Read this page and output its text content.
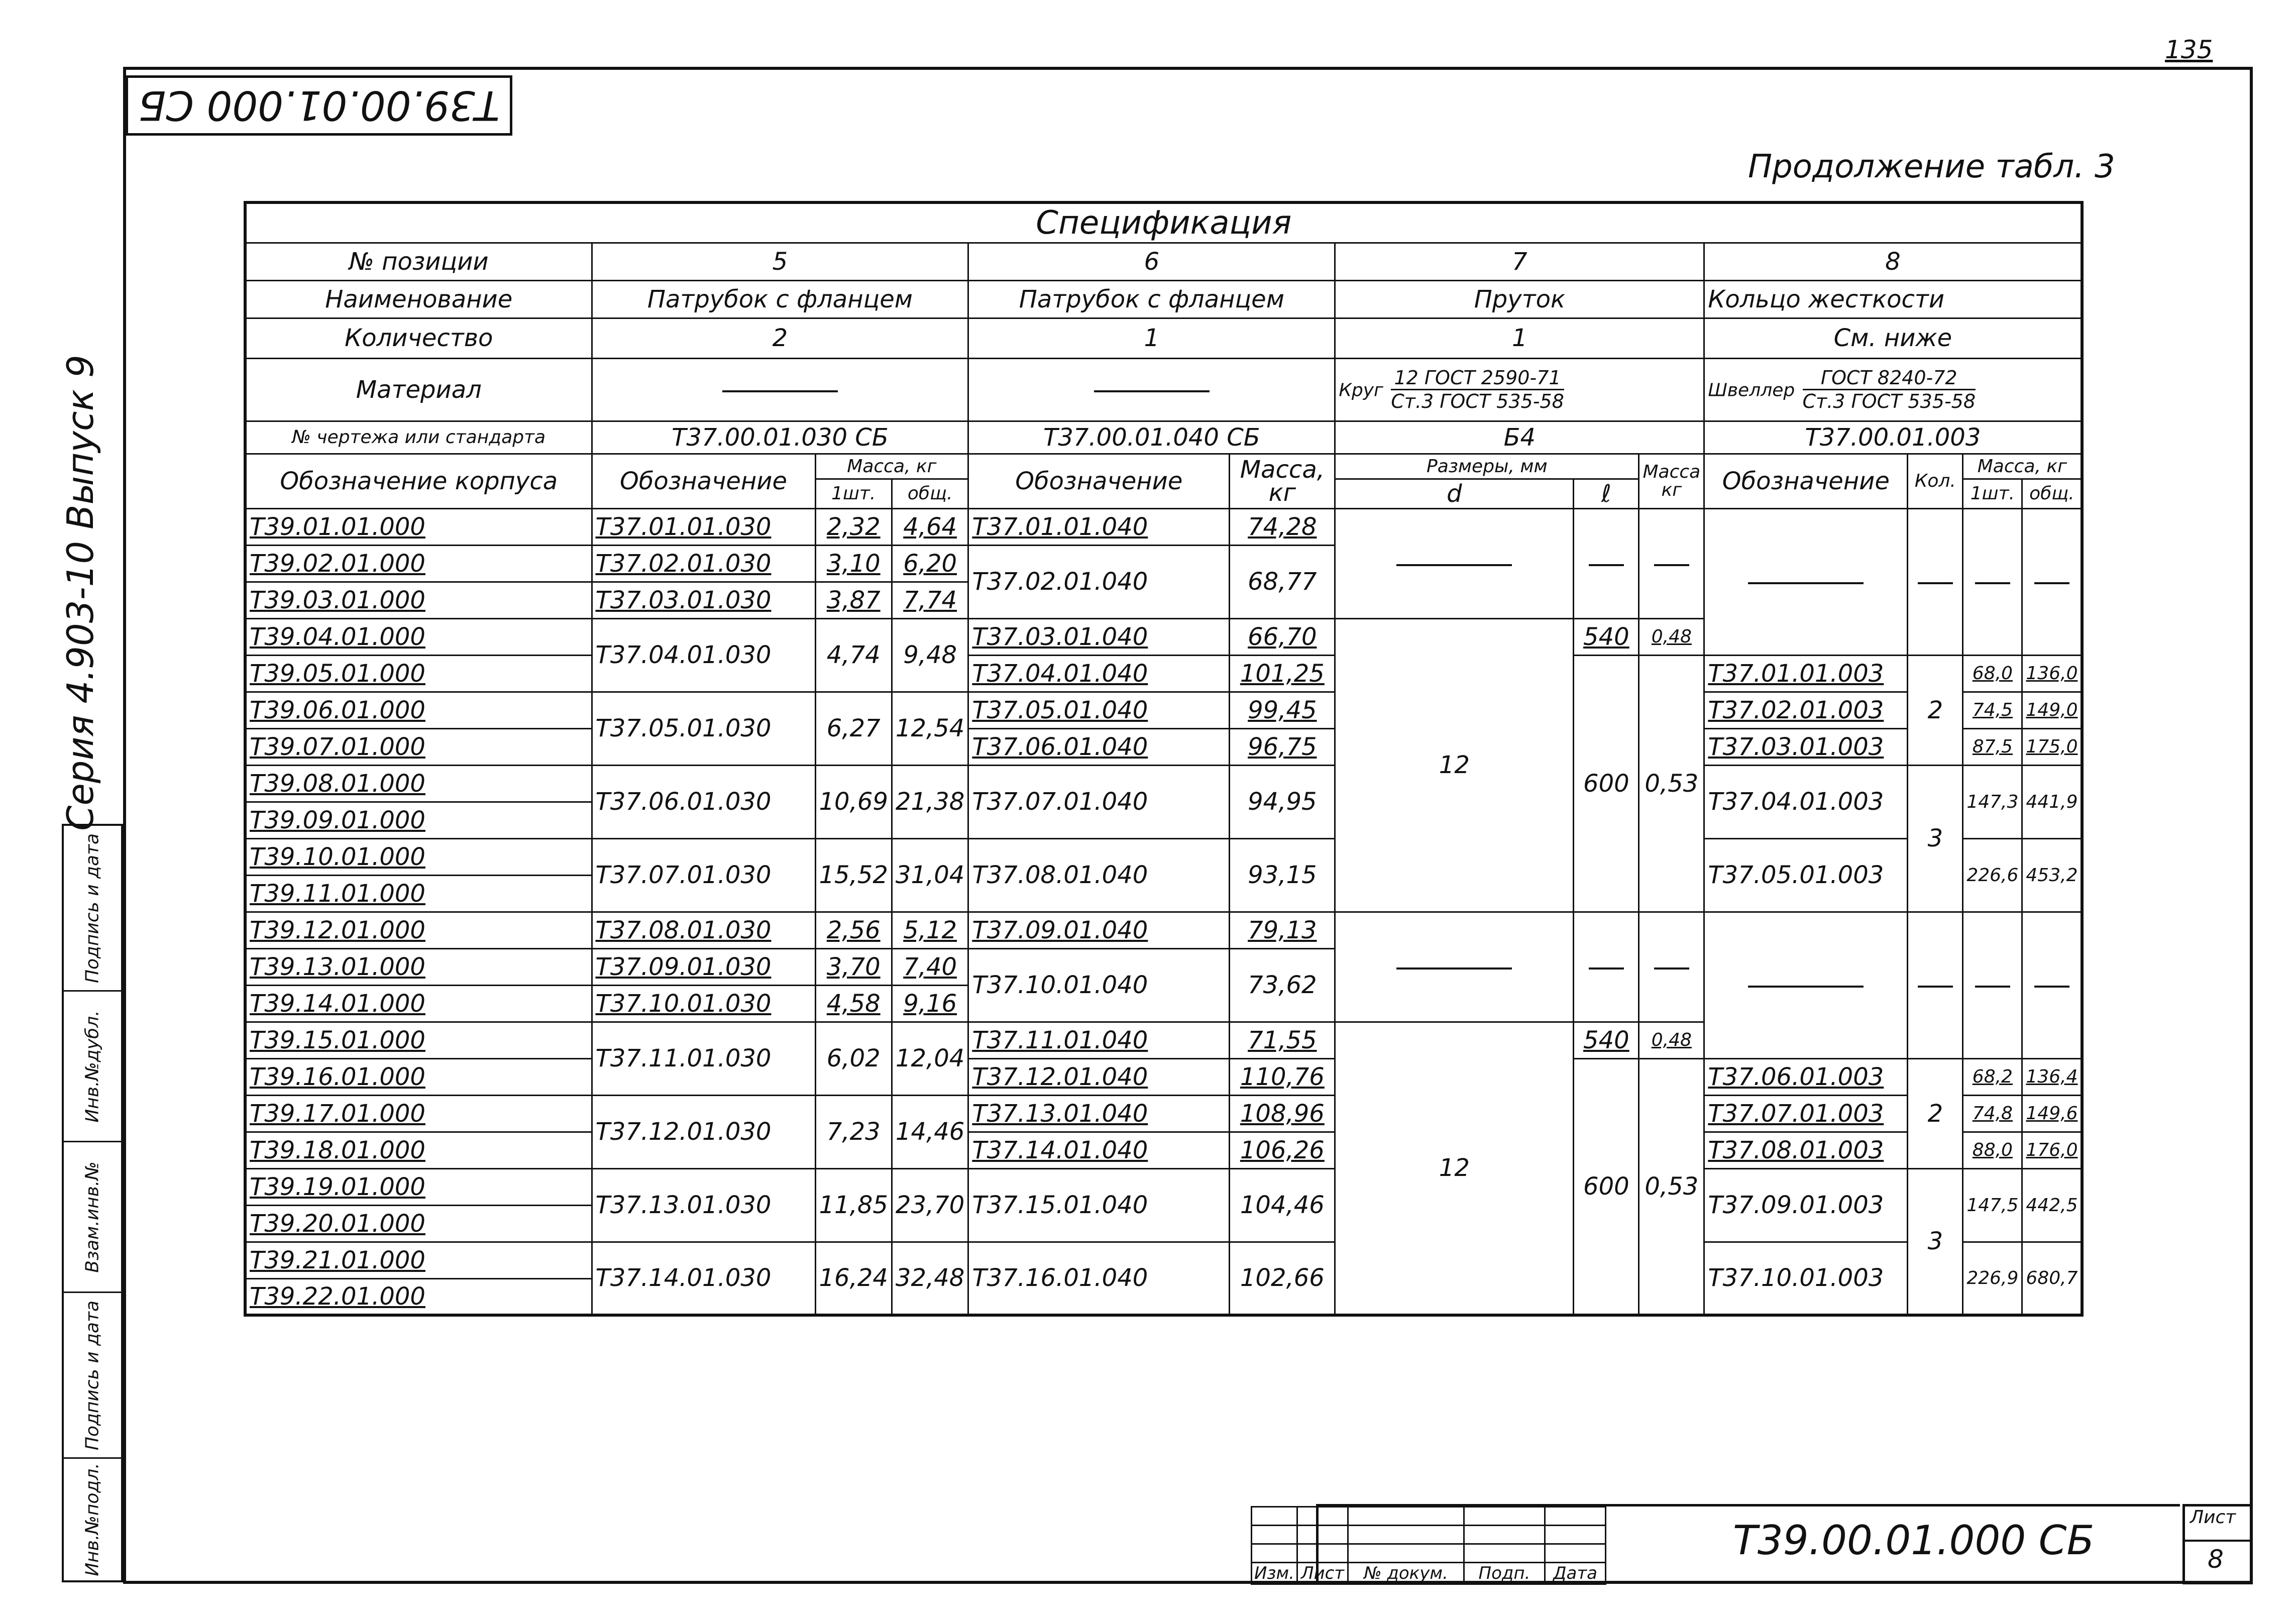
Т39.00.01.000 СБ
135
Продолжение табл. 3
Серия 4.903-10 Выпуск 9
Подпись и дата
Инв.№дубл.
Взам.инв.№
Подпись и дата
Инв.№подл.
Спецификация												
№ позиции	5			6		7			8			
Наименование	Патрубок с фланцем			Патрубок с фланцем		Пруток			Кольцо жесткости			
Количество	2			1		1			См. ниже			
Материал						Круг $\frac{\text{12 ГОСТ 2590-71}}{\text{Ст.3 ГОСТ 535-58}}$			Швеллер $\frac{\text{ГОСТ 8240-72}}{\text{Ст.3 ГОСТ 535-58}}$

№ чертежа или стандарта	Т37.00.01.030 СБ			Т37.00.01.040 СБ		Б4			Т37.00.01.003			
Обозначение корпуса	Обозначение	Масса, кг		Обозначение	Масса, кг	Размеры, мм		Масса кг	Обозначение	Кол.	Масса, кг	
		1шт.	общ.			d	ℓ				1шт.	общ.
Т39.01.01.000	Т37.01.01.030	2,32	4,64	Т37.01.01.040	74,28							
Т39.02.01.000	Т37.02.01.030	3,10	6,20	Т37.02.01.040	68,77							
Т39.03.01.000	Т37.03.01.030	3,87	7,74									
Т39.04.01.000	Т37.04.01.030	4,74	9,48	Т37.03.01.040	66,70	12	540	0,48				
Т39.05.01.000				Т37.04.01.040	101,25		600	0,53	Т37.01.01.003	2	68,0	136,0
Т39.06.01.000	Т37.05.01.030	6,27	12,54	Т37.05.01.040	99,45				Т37.02.01.003		74,5	149,0
Т39.07.01.000				Т37.06.01.040	96,75				Т37.03.01.003		87,5	175,0
Т39.08.01.000	Т37.06.01.030	10,69	21,38	Т37.07.01.040	94,95				Т37.04.01.003	3	147,3	441,9
Т39.09.01.000												
Т39.10.01.000	Т37.07.01.030	15,52	31,04	Т37.08.01.040	93,15				Т37.05.01.003		226,6	453,2
Т39.11.01.000												
Т39.12.01.000	Т37.08.01.030	2,56	5,12	Т37.09.01.040	79,13							
Т39.13.01.000	Т37.09.01.030	3,70	7,40	Т37.10.01.040	73,62							
Т39.14.01.000	Т37.10.01.030	4,58	9,16									
Т39.15.01.000	Т37.11.01.030	6,02	12,04	Т37.11.01.040	71,55	12	540	0,48				
Т39.16.01.000				Т37.12.01.040	110,76		600	0,53	Т37.06.01.003	2	68,2	136,4
Т39.17.01.000	Т37.12.01.030	7,23	14,46	Т37.13.01.040	108,96				Т37.07.01.003		74,8	149,6
Т39.18.01.000				Т37.14.01.040	106,26				Т37.08.01.003		88,0	176,0
Т39.19.01.000	Т37.13.01.030	11,85	23,70	Т37.15.01.040	104,46				Т37.09.01.003	3	147,5	442,5
Т39.20.01.000												
Т39.21.01.000	Т37.14.01.030	16,24	32,48	Т37.16.01.040	102,66				Т37.10.01.003		226,9	680,7
Т39.22.01.000												

Изм.	Лист	№ докум.	Подп.	Дата
Т39.00.01.000 СБ	Лист
8
